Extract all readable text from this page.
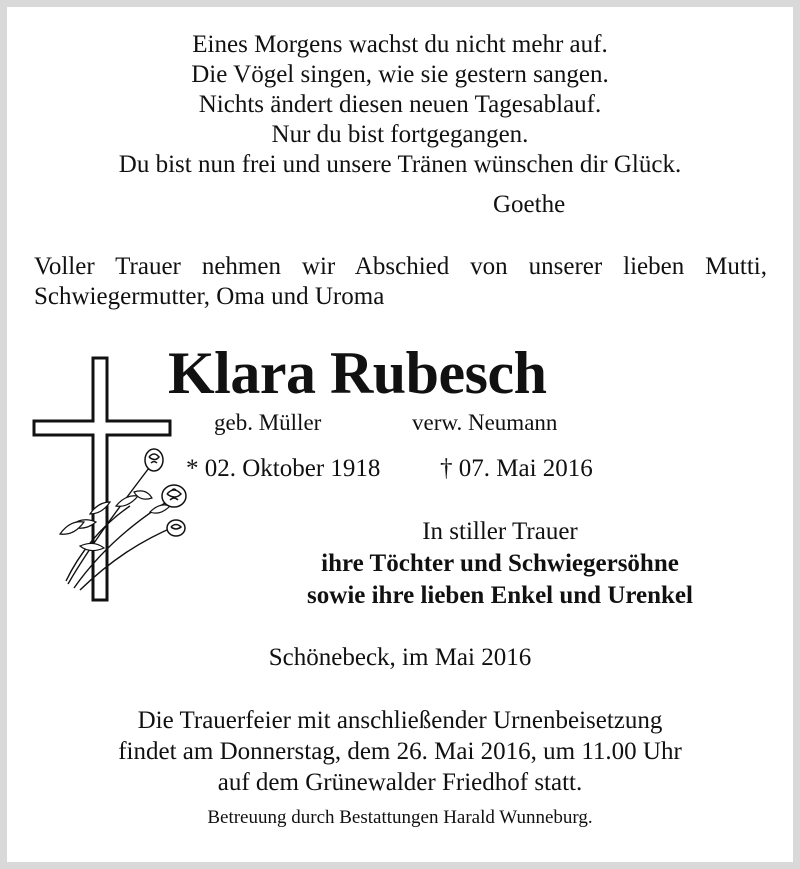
Eines Morgens wachst du nicht mehr auf.
Die Vögel singen, wie sie gestern sangen.
Nichts ändert diesen neuen Tagesablauf.
Nur du bist fortgegangen.
Du bist nun frei und unsere Tränen wünschen dir Glück.
Goethe
Voller Trauer nehmen wir Abschied von unserer lieben Mutti,
Schwiegermutter, Oma und Uroma
Klara Rubesch
geb. Müller	verw. Neumann
* 02. Oktober 1918 † 07. Mai 2016
In stiller Trauer
ihre Töchter und Schwiegersöhne
sowie ihre lieben Enkel und Urenkel
Schönebeck, im Mai 2016
Die Trauerfeier mit anschließender Urnenbeisetzung
findet am Donnerstag, dem 26. Mai 2016, um 11.00 Uhr
auf dem Grünewalder Friedhof statt.
Betreuung durch Bestattungen Harald Wunneburg.
